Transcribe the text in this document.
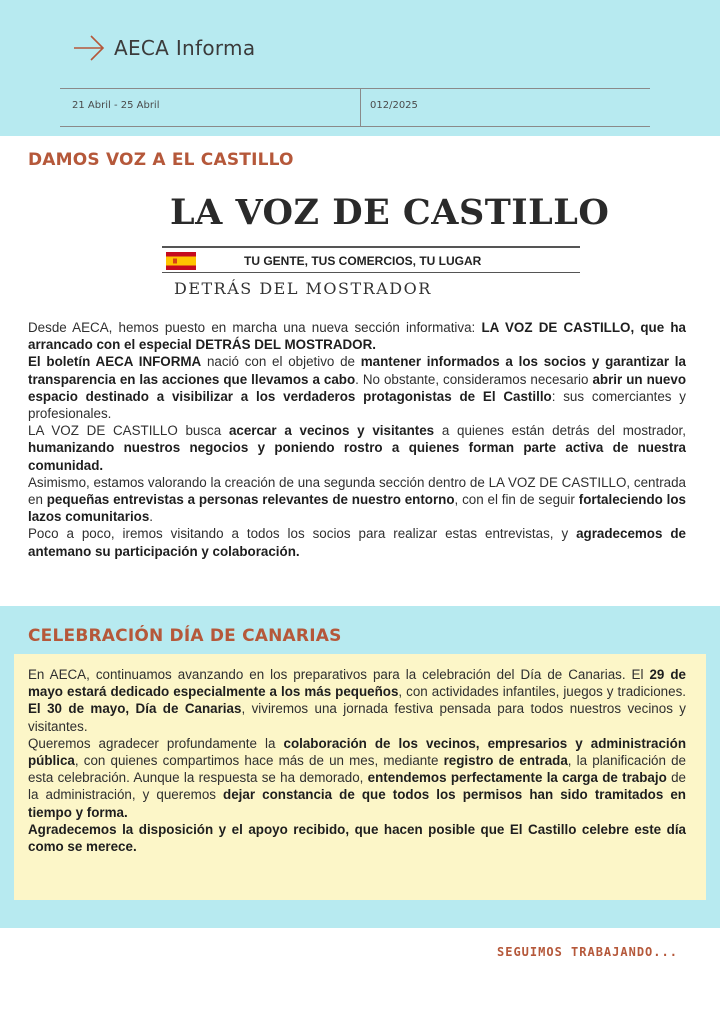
AECA Informa
21 Abril - 25 Abril	012/2025
DAMOS VOZ A EL CASTILLO
LA VOZ DE CASTILLO
TU GENTE, TUS COMERCIOS, TU LUGAR
DETRÁS DEL MOSTRADOR

Desde AECA, hemos puesto en marcha una nueva sección informativa: LA VOZ DE CASTILLO, que ha arrancado con el especial DETRÁS DEL MOSTRADOR.

El boletín AECA INFORMA nació con el objetivo de mantener informados a los socios y garantizar la transparencia en las acciones que llevamos a cabo. No obstante, consideramos necesario abrir un nuevo espacio destinado a visibilizar a los verdaderos protagonistas de El Castillo: sus comerciantes y profesionales.

LA VOZ DE CASTILLO busca acercar a vecinos y visitantes a quienes están detrás del mostrador, humanizando nuestros negocios y poniendo rostro a quienes forman parte activa de nuestra comunidad.

Asimismo, estamos valorando la creación de una segunda sección dentro de LA VOZ DE CASTILLO, centrada en pequeñas entrevistas a personas relevantes de nuestro entorno, con el fin de seguir fortaleciendo los lazos comunitarios.

Poco a poco, iremos visitando a todos los socios para realizar estas entrevistas, y agradecemos de antemano su participación y colaboración.

CELEBRACIÓN DÍA DE CANARIAS

En AECA, continuamos avanzando en los preparativos para la celebración del Día de Canarias. El 29 de mayo estará dedicado especialmente a los más pequeños, con actividades infantiles, juegos y tradiciones. El 30 de mayo, Día de Canarias, viviremos una jornada festiva pensada para todos nuestros vecinos y visitantes.

Queremos agradecer profundamente la colaboración de los vecinos, empresarios y administración pública, con quienes compartimos hace más de un mes, mediante registro de entrada, la planificación de esta celebración. Aunque la respuesta se ha demorado, entendemos perfectamente la carga de trabajo de la administración, y queremos dejar constancia de que todos los permisos han sido tramitados en tiempo y forma.

Agradecemos la disposición y el apoyo recibido, que hacen posible que El Castillo celebre este día como se merece.

SEGUIMOS TRABAJANDO...
